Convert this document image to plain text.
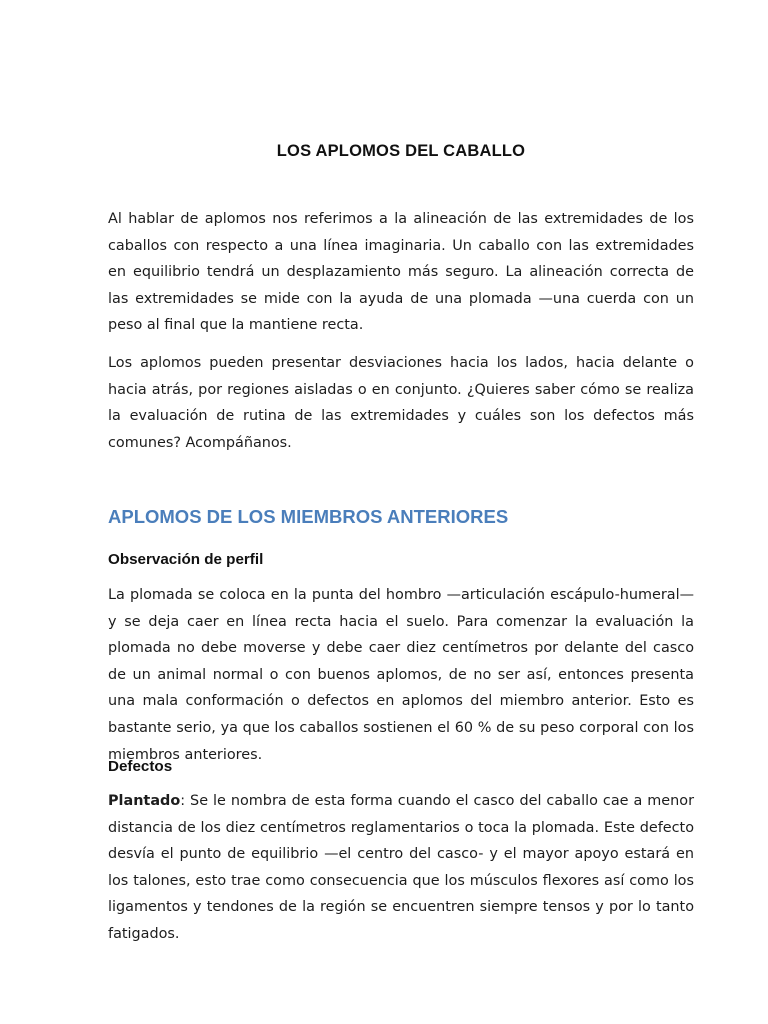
LOS APLOMOS DEL CABALLO

Al hablar de aplomos nos referimos a la alineación de las extremidades de los caballos con respecto a una línea imaginaria. Un caballo con las extremidades en equilibrio tendrá un desplazamiento más seguro. La alineación correcta de las extremidades se mide con la ayuda de una plomada —una cuerda con un peso al final que la mantiene recta.

Los aplomos pueden presentar desviaciones hacia los lados, hacia delante o hacia atrás, por regiones aisladas o en conjunto. ¿Quieres saber cómo se realiza la evaluación de rutina de las extremidades y cuáles son los defectos más comunes? Acompáñanos.

APLOMOS DE LOS MIEMBROS ANTERIORES
Observación de perfil

La plomada se coloca en la punta del hombro —articulación escápulo-humeral— y se deja caer en línea recta hacia el suelo. Para comenzar la evaluación la plomada no debe moverse y debe caer diez centímetros por delante del casco de un animal normal o con buenos aplomos, de no ser así, entonces presenta una mala conformación o defectos en aplomos del miembro anterior. Esto es bastante serio, ya que los caballos sostienen el 60 % de su peso corporal con los miembros anteriores.

Defectos

Plantado: Se le nombra de esta forma cuando el casco del caballo cae a menor distancia de los diez centímetros reglamentarios o toca la plomada. Este defecto desvía el punto de equilibrio —el centro del casco- y el mayor apoyo estará en los talones, esto trae como consecuencia que los músculos flexores así como los ligamentos y tendones de la región se encuentren siempre tensos y por lo tanto fatigados.
